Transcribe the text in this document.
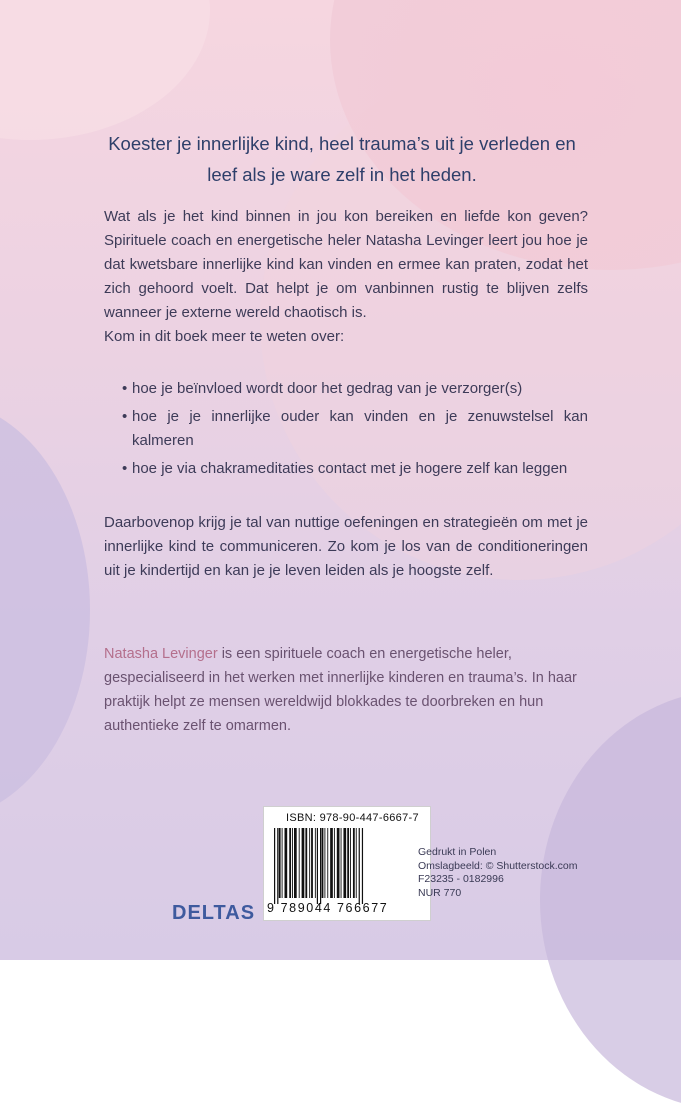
Koester je innerlijke kind, heel trauma’s uit je verleden en leef als je ware zelf in het heden.

Wat als je het kind binnen in jou kon bereiken en liefde kon geven? Spirituele coach en energetische heler Natasha Levinger leert jou hoe je dat kwetsbare innerlijke kind kan vinden en ermee kan praten, zodat het zich gehoord voelt. Dat helpt je om vanbinnen rustig te blijven zelfs wanneer je externe wereld chaotisch is.

Kom in dit boek meer te weten over:

• hoe je beïnvloed wordt door het gedrag van je verzorger(s)
• hoe je je innerlijke ouder kan vinden en je zenuwstelsel kan kalmeren
• hoe je via chakrameditaties contact met je hogere zelf kan leggen

Daarbovenop krijg je tal van nuttige oefeningen en strategieën om met je innerlijke kind te communiceren. Zo kom je los van de conditioneringen uit je kindertijd en kan je je leven leiden als je hoogste zelf.

Natasha Levinger is een spirituele coach en energetische heler, gespecialiseerd in het werken met innerlijke kinderen en trauma’s. In haar praktijk helpt ze mensen wereldwijd blokkades te doorbreken en hun authentieke zelf te omarmen.
ISBN: 978-90-447-6667-7
9 789044 766677
Gedrukt in Polen
Omslagbeeld: © Shutterstock.com
F23235 - 0182996
NUR 770
DELTAS
